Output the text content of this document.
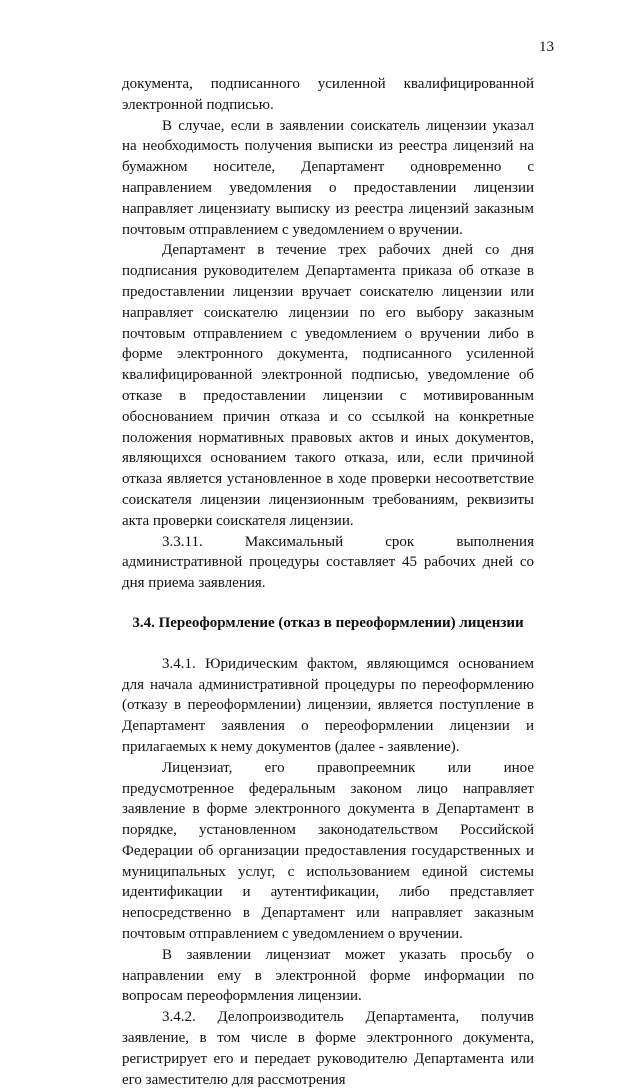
13

документа, подписанного усиленной квалифицированной электронной подписью.

В случае, если в заявлении соискатель лицензии указал на необходимость получения выписки из реестра лицензий на бумажном носителе, Департамент одновременно с направлением уведомления о предоставлении лицензии направляет лицензиату выписку из реестра лицензий заказным почтовым отправлением с уведомлением о вручении.

Департамент в течение трех рабочих дней со дня подписания руководителем Департамента приказа об отказе в предоставлении лицензии вручает соискателю лицензии или направляет соискателю лицензии по его выбору заказным почтовым отправлением с уведомлением о вручении либо в форме электронного документа, подписанного усиленной квалифицированной электронной подписью, уведомление об отказе в предоставлении лицензии с мотивированным обоснованием причин отказа и со ссылкой на конкретные положения нормативных правовых актов и иных документов, являющихся основанием такого отказа, или, если причиной отказа является установленное в ходе проверки несоответствие соискателя лицензии лицензионным требованиям, реквизиты акта проверки соискателя лицензии.

3.3.11. Максимальный срок выполнения административной процедуры составляет 45 рабочих дней со дня приема заявления.

3.4. Переоформление (отказ в переоформлении) лицензии

3.4.1. Юридическим фактом, являющимся основанием для начала административной процедуры по переоформлению (отказу в переоформлении) лицензии, является поступление в Департамент заявления о переоформлении лицензии и прилагаемых к нему документов (далее - заявление).

Лицензиат, его правопреемник или иное предусмотренное федеральным законом лицо направляет заявление в форме электронного документа в Департамент в порядке, установленном законодательством Российской Федерации об организации предоставления государственных и муниципальных услуг, с использованием единой системы идентификации и аутентификации, либо представляет непосредственно в Департамент или направляет заказным почтовым отправлением с уведомлением о вручении.

В заявлении лицензиат может указать просьбу о направлении ему в электронной форме информации по вопросам переоформления лицензии.

3.4.2. Делопроизводитель Департамента, получив заявление, в том числе в форме электронного документа, регистрирует его и передает руководителю Департамента или его заместителю для рассмотрения
